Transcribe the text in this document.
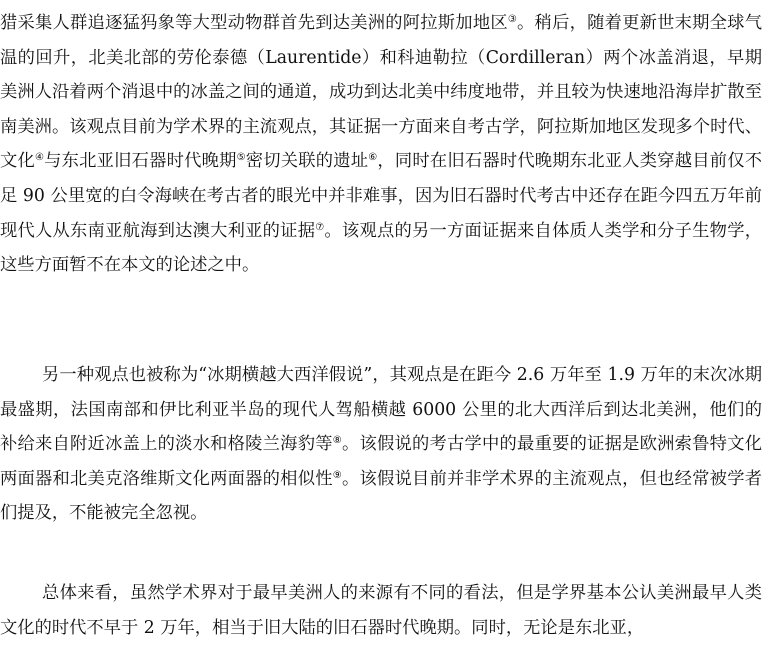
猎采集人群追逐猛犸象等大型动物群首先到达美洲的阿拉斯加地区③。稍后，随着更新世末期全球气温的回升，北美北部的劳伦泰德（Laurentide）和科迪勒拉（Cordilleran）两个冰盖消退，早期美洲人沿着两个消退中的冰盖之间的通道，成功到达北美中纬度地带，并且较为快速地沿海岸扩散至南美洲。该观点目前为学术界的主流观点，其证据一方面来自考古学，阿拉斯加地区发现多个时代、文化④与东北亚旧石器时代晚期⑤密切关联的遗址⑥，同时在旧石器时代晚期东北亚人类穿越目前仅不足 90 公里宽的白令海峡在考古者的眼光中并非难事，因为旧石器时代考古中还存在距今四五万年前现代人从东南亚航海到达澳大利亚的证据⑦。该观点的另一方面证据来自体质人类学和分子生物学，这些方面暂不在本文的论述之中。

另一种观点也被称为“冰期横越大西洋假说”，其观点是在距今 2.6 万年至 1.9 万年的末次冰期最盛期，法国南部和伊比利亚半岛的现代人驾船横越 6000 公里的北大西洋后到达北美洲，他们的补给来自附近冰盖上的淡水和格陵兰海豹等⑧。该假说的考古学中的最重要的证据是欧洲索鲁特文化两面器和北美克洛维斯文化两面器的相似性⑨。该假说目前并非学术界的主流观点，但也经常被学者们提及，不能被完全忽视。

总体来看，虽然学术界对于最早美洲人的来源有不同的看法，但是学界基本公认美洲最早人类文化的时代不早于 2 万年，相当于旧大陆的旧石器时代晚期。同时，无论是东北亚，
